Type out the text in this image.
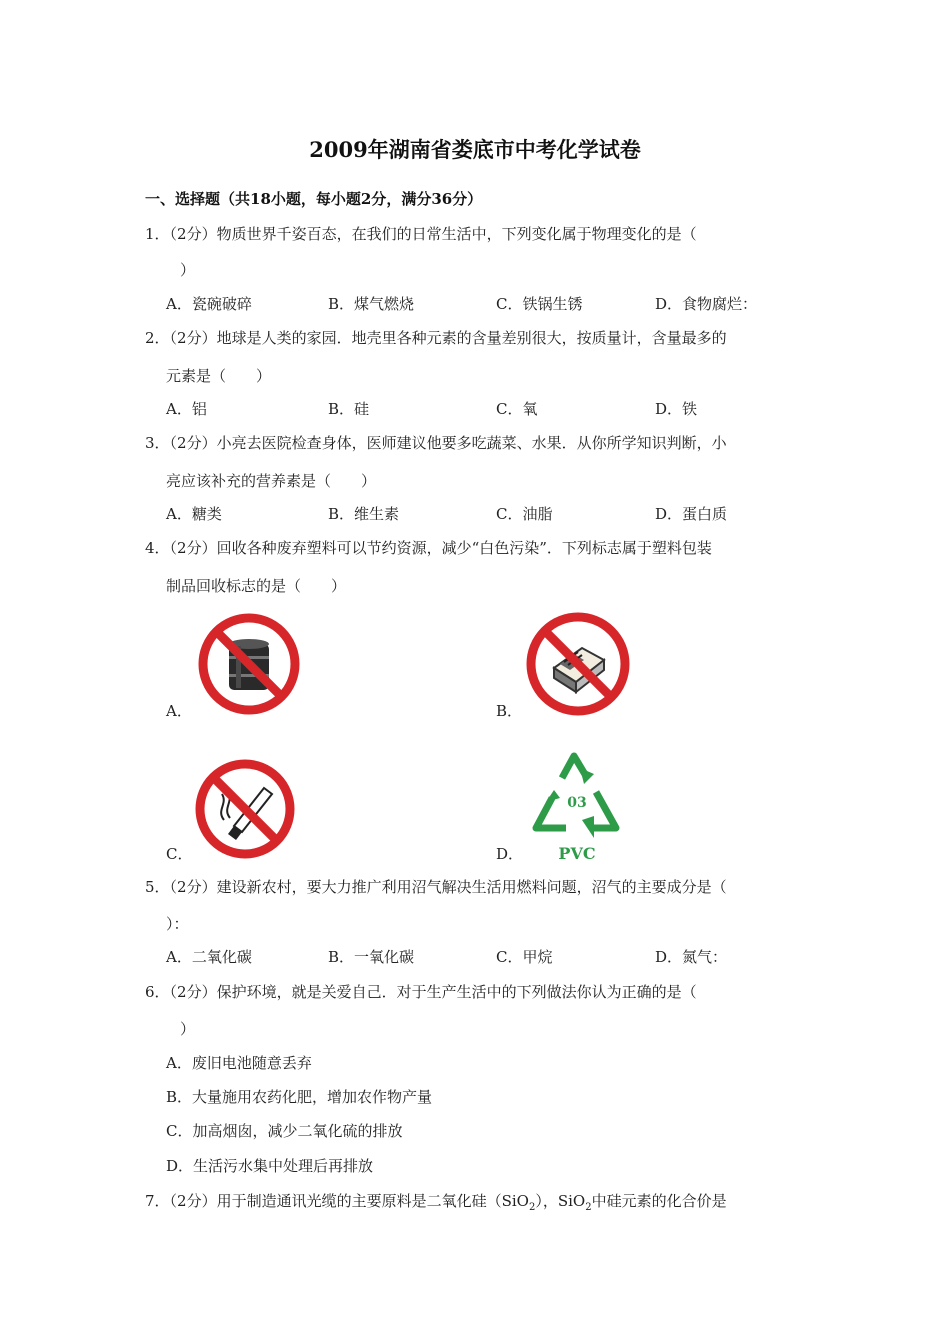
2009年湖南省娄底市中考化学试卷
一、选择题（共18小题，每小题2分，满分36分）
1．（2分）物质世界千姿百态，在我们的日常生活中，下列变化属于物理变化的是（
）
A．瓷碗破碎	B．煤气燃烧	C．铁锅生锈	D．食物腐烂：
2．（2分）地球是人类的家园．地壳里各种元素的含量差别很大，按质量计，含量最多的
元素是（　　）
A．铝	B．硅	C．氧	D．铁
3．（2分）小亮去医院检查身体，医师建议他要多吃蔬菜、水果．从你所学知识判断，小
亮应该补充的营养素是（　　）
A．糖类	B．维生素	C．油脂	D．蛋白质
4．（2分）回收各种废弃塑料可以节约资源，减少“白色污染”．下列标志属于塑料包装
制品回收标志的是（　　）
A．	B．
C．	D．
03
PVC
5．（2分）建设新农村，要大力推广利用沼气解决生活用燃料问题，沼气的主要成分是（
）：
A．二氧化碳	B．一氧化碳	C．甲烷	D．氮气：
6．（2分）保护环境，就是关爱自己．对于生产生活中的下列做法你认为正确的是（
）
A．废旧电池随意丢弃
B．大量施用农药化肥，增加农作物产量
C．加高烟囱，减少二氧化硫的排放
D．生活污水集中处理后再排放
7．（2分）用于制造通讯光缆的主要原料是二氧化硅（SiO$_2$），SiO$_2$中硅元素的化合价是
